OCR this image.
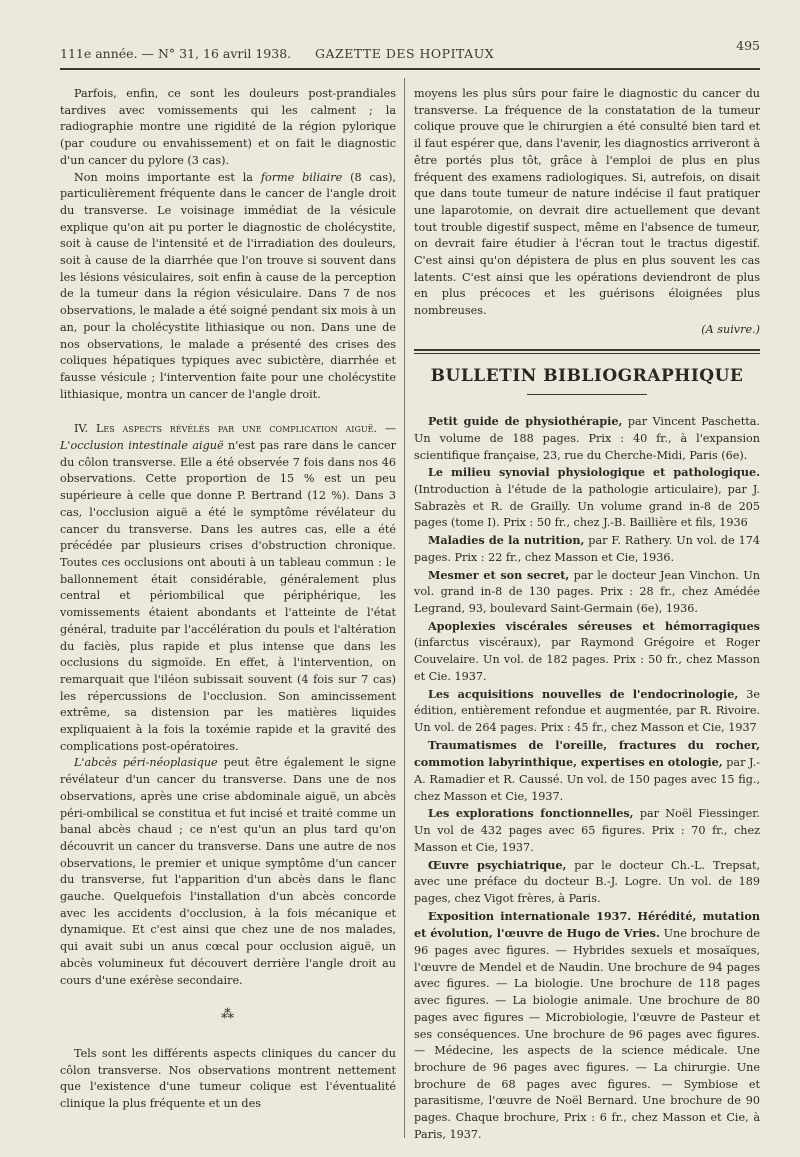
111e année. — N° 31, 16 avril 1938. GAZETTE DES HOPITAUX
495

Parfois, enfin, ce sont les douleurs post-prandiales tardives avec vomissements qui les calment ; la radiographie montre une rigidité de la région pylorique (par coudure ou envahissement) et on fait le diagnostic d'un cancer du pylore (3 cas).

Non moins importante est la forme biliaire (8 cas), particulièrement fréquente dans le cancer de l'angle droit du transverse. Le voisinage immédiat de la vésicule explique qu'on ait pu porter le diagnostic de cholécystite, soit à cause de l'intensité et de l'irradiation des douleurs, soit à cause de la diarrhée que l'on trouve si souvent dans les lésions vésiculaires, soit enfin à cause de la perception de la tumeur dans la région vésiculaire. Dans 7 de nos observations, le malade a été soigné pendant six mois à un an, pour la cholécystite lithiasique ou non. Dans une de nos observations, le malade a présenté des crises des coliques hépatiques typiques avec subictère, diarrhée et fausse vésicule ; l'intervention faite pour une cholécystite lithiasique, montra un cancer de l'angle droit.

IV. Les aspects révélés par une complication aiguë. — L'occlusion intestinale aiguë n'est pas rare dans le cancer du côlon transverse. Elle a été observée 7 fois dans nos 46 observations. Cette proportion de 15 % est un peu supérieure à celle que donne P. Bertrand (12 %). Dans 3 cas, l'occlusion aiguë a été le symptôme révélateur du cancer du transverse. Dans les autres cas, elle a été précédée par plusieurs crises d'obstruction chronique. Toutes ces occlusions ont abouti à un tableau commun : le ballonnement était considérable, généralement plus central et périombilical que périphérique, les vomissements étaient abondants et l'atteinte de l'état général, traduite par l'accélération du pouls et l'altération du faciès, plus rapide et plus intense que dans les occlusions du sigmoïde. En effet, à l'intervention, on remarquait que l'iléon subissait souvent (4 fois sur 7 cas) les répercussions de l'occlusion. Son amincissement extrême, sa distension par les matières liquides expliquaient à la fois la toxémie rapide et la gravité des complications post-opératoires.

L'abcès péri-néoplasique peut être également le signe révélateur d'un cancer du transverse. Dans une de nos observations, après une crise abdominale aiguë, un abcès péri-ombilical se constitua et fut incisé et traité comme un banal abcès chaud ; ce n'est qu'un an plus tard qu'on découvrit un cancer du transverse. Dans une autre de nos observations, le premier et unique symptôme d'un cancer du transverse, fut l'apparition d'un abcès dans le flanc gauche. Quelquefois l'installation d'un abcès concorde avec les accidents d'occlusion, à la fois mécanique et dynamique. Et c'est ainsi que chez une de nos malades, qui avait subi un anus cœcal pour occlusion aiguë, un abcès volumineux fut découvert derrière l'angle droit au cours d'une exérèse secondaire.

⁂

Tels sont les différents aspects cliniques du cancer du côlon transverse. Nos observations montrent nettement que l'existence d'une tumeur colique est l'éventualité clinique la plus fréquente et un des

moyens les plus sûrs pour faire le diagnostic du cancer du transverse. La fréquence de la constatation de la tumeur colique prouve que le chirurgien a été consulté bien tard et il faut espérer que, dans l'avenir, les diagnostics arriveront à être portés plus tôt, grâce à l'emploi de plus en plus fréquent des examens radiologiques. Si, autrefois, on disait que dans toute tumeur de nature indécise il faut pratiquer une laparotomie, on devrait dire actuellement que devant tout trouble digestif suspect, même en l'absence de tumeur, on devrait faire étudier à l'écran tout le tractus digestif. C'est ainsi qu'on dépistera de plus en plus souvent les cas latents. C'est ainsi que les opérations deviendront de plus en plus précoces et les guérisons éloignées plus nombreuses.

(A suivre.)
BULLETIN BIBLIOGRAPHIQUE

Petit guide de physiothérapie, par Vincent Paschetta. Un volume de 188 pages. Prix : 40 fr., à l'expansion scientifique française, 23, rue du Cherche-Midi, Paris (6e).

Le milieu synovial physiologique et pathologique. (Introduction à l'étude de la pathologie articulaire), par J. Sabrazès et R. de Grailly. Un volume grand in-8 de 205 pages (tome I). Prix : 50 fr., chez J.-B. Baillière et fils, 1936

Maladies de la nutrition, par F. Rathery. Un vol. de 174 pages. Prix : 22 fr., chez Masson et Cie, 1936.

Mesmer et son secret, par le docteur Jean Vinchon. Un vol. grand in-8 de 130 pages. Prix : 28 fr., chez Amédée Legrand, 93, boulevard Saint-Germain (6e), 1936.

Apoplexies viscérales séreuses et hémorragiques (infarctus viscéraux), par Raymond Grégoire et Roger Couvelaire. Un vol. de 182 pages. Prix : 50 fr., chez Masson et Cie. 1937.

Les acquisitions nouvelles de l'endocrinologie, 3e édition, entièrement refondue et augmentée, par R. Rivoire. Un vol. de 264 pages. Prix : 45 fr., chez Masson et Cie, 1937

Traumatismes de l'oreille, fractures du rocher, commotion labyrinthique, expertises en otologie, par J.-A. Ramadier et R. Caussé. Un vol. de 150 pages avec 15 fig., chez Masson et Cie, 1937.

Les explorations fonctionnelles, par Noël Fiessinger. Un vol de 432 pages avec 65 figures. Prix : 70 fr., chez Masson et Cie, 1937.

Œuvre psychiatrique, par le docteur Ch.-L. Trepsat, avec une préface du docteur B.-J. Logre. Un vol. de 189 pages, chez Vigot frères, à Paris.

Exposition internationale 1937. Hérédité, mutation et évolution, l'œuvre de Hugo de Vries. Une brochure de 96 pages avec figures. — Hybrides sexuels et mosaïques, l'œuvre de Mendel et de Naudin. Une brochure de 94 pages avec figures. — La biologie. Une brochure de 118 pages avec figures. — La biologie animale. Une brochure de 80 pages avec figures — Microbiologie, l'œuvre de Pasteur et ses conséquences. Une brochure de 96 pages avec figures. — Médecine, les aspects de la science médicale. Une brochure de 96 pages avec figures. — La chirurgie. Une brochure de 68 pages avec figures. — Symbiose et parasitisme, l'œuvre de Noël Bernard. Une brochure de 90 pages. Chaque brochure, Prix : 6 fr., chez Masson et Cie, à Paris, 1937.
